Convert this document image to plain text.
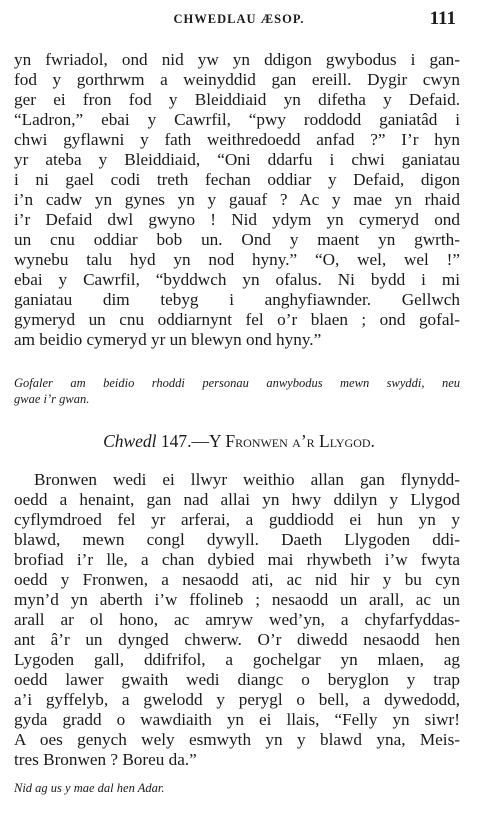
CHWEDLAU ÆSOP.	111
yn fwriadol, ond nid yw yn ddigon gwybodus i gan-
fod y gorthrwm a weinyddid gan ereill. Dygir cwyn
ger ei fron fod y Bleiddiaid yn difetha y Defaid.
“Ladron,” ebai y Cawrfil, “pwy roddodd ganiatâd i
chwi gyflawni y fath weithredoedd anfad ?” I’r hyn
yr ateba y Bleiddiaid, “Oni ddarfu i chwi ganiatau
i ni gael codi treth fechan oddiar y Defaid, digon
i’n cadw yn gynes yn y gauaf ? Ac y mae yn rhaid
i’r Defaid dwl gwyno ! Nid ydym yn cymeryd ond
un cnu oddiar bob un. Ond y maent yn gwrth-
wynebu talu hyd yn nod hyny.” “O, wel, wel !”
ebai y Cawrfil, “byddwch yn ofalus. Ni bydd i mi
ganiatau dim tebyg i anghyfiawnder. Gellwch
gymeryd un cnu oddiarnynt fel o’r blaen ; ond gofal-
am beidio cymeryd yr un blewyn ond hyny.”
Gofaler am beidio rhoddi personau anwybodus mewn swyddi, neu
gwae i’r gwan.
Chwedl 147.—Y Fronwen a’r Llygod.
Bronwen wedi ei llwyr weithio allan gan flynydd-
oedd a henaint, gan nad allai yn hwy ddilyn y Llygod
cyflymdroed fel yr arferai, a guddiodd ei hun yn y
blawd, mewn congl dywyll. Daeth Llygoden ddi-
brofiad i’r lle, a chan dybied mai rhywbeth i’w fwyta
oedd y Fronwen, a nesaodd ati, ac nid hir y bu cyn
myn’d yn aberth i’w ffolineb ; nesaodd un arall, ac un
arall ar ol hono, ac amryw wed’yn, a chyfarfyddas-
ant â’r un dynged chwerw. O’r diwedd nesaodd hen
Lygoden gall, ddifrifol, a gochelgar yn mlaen, ag
oedd lawer gwaith wedi diangc o beryglon y trap
a’i gyffelyb, a gwelodd y perygl o bell, a dywedodd,
gyda gradd o wawdiaith yn ei llais, “Felly yn siwr!
A oes genych wely esmwyth yn y blawd yna, Meis-
tres Bronwen ? Boreu da.”
Nid ag us y mae dal hen Adar.
